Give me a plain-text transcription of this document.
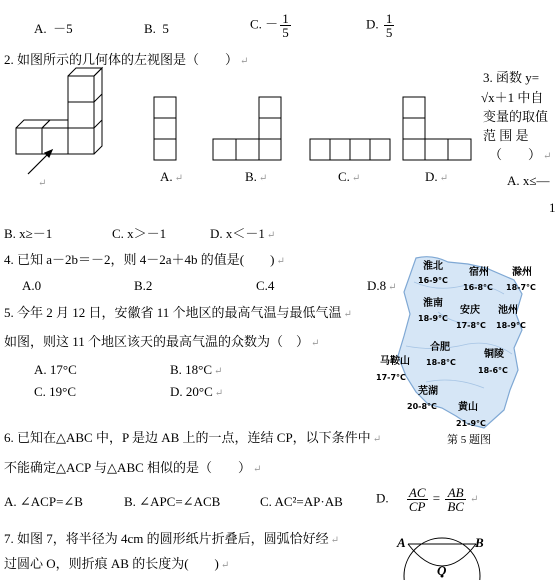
A. －5	B. 5	C. － $\frac{1}{5}$	D. $\frac{1}{5}$
2. 如图所示的几何体的左视图是（　　） ↵
↵	A. ↵	B. ↵	C. ↵	D. ↵
3. 函数 y=
√x＋1 中自
变量的取值
范 围 是
（　　） ↵
A. x≤—
1
B. x≥－1	C. x＞－1	D. x＜－1 ↵
4. 已知 a－2b＝－2，则 4－2a＋4b 的值是(　　) ↵
A.0	B.2	C.4	D.8 ↵
5. 今年 2 月 12 日，安徽省 11 个地区的最高气温与最低气温 ↵
如图，则这 11 个地区该天的最高气温的众数为（　） ↵
A. 17°C	B. 18°C ↵
C. 19°C	D. 20°C ↵
淮北
16-9°C
宿州
16-8°C
滁州
18-7°C
淮南
18-9°C
安庆
17-8°C
池州
18-9°C
合肥
18-8°C
马鞍山
17-7°C
铜陵
18-6°C
芜湖
20-8°C 黄山
21-9°C
第 5 题图
6. 已知在△ABC 中，P 是边 AB 上的一点，连结 CP，以下条件中 ↵
不能确定△ACP 与△ABC 相似的是（　　） ↵
A. ∠ACP=∠B	B. ∠APC=∠ACB	C. AC²=AP·AB	D. $\frac{AC}{CP} = \frac{AB}{BC}$ ↵
7. 如图 7，将半径为 4cm 的圆形纸片折叠后，圆弧恰好经 ↵
过圆心 O，则折痕 AB 的长度为(　　) ↵
A	B
O
